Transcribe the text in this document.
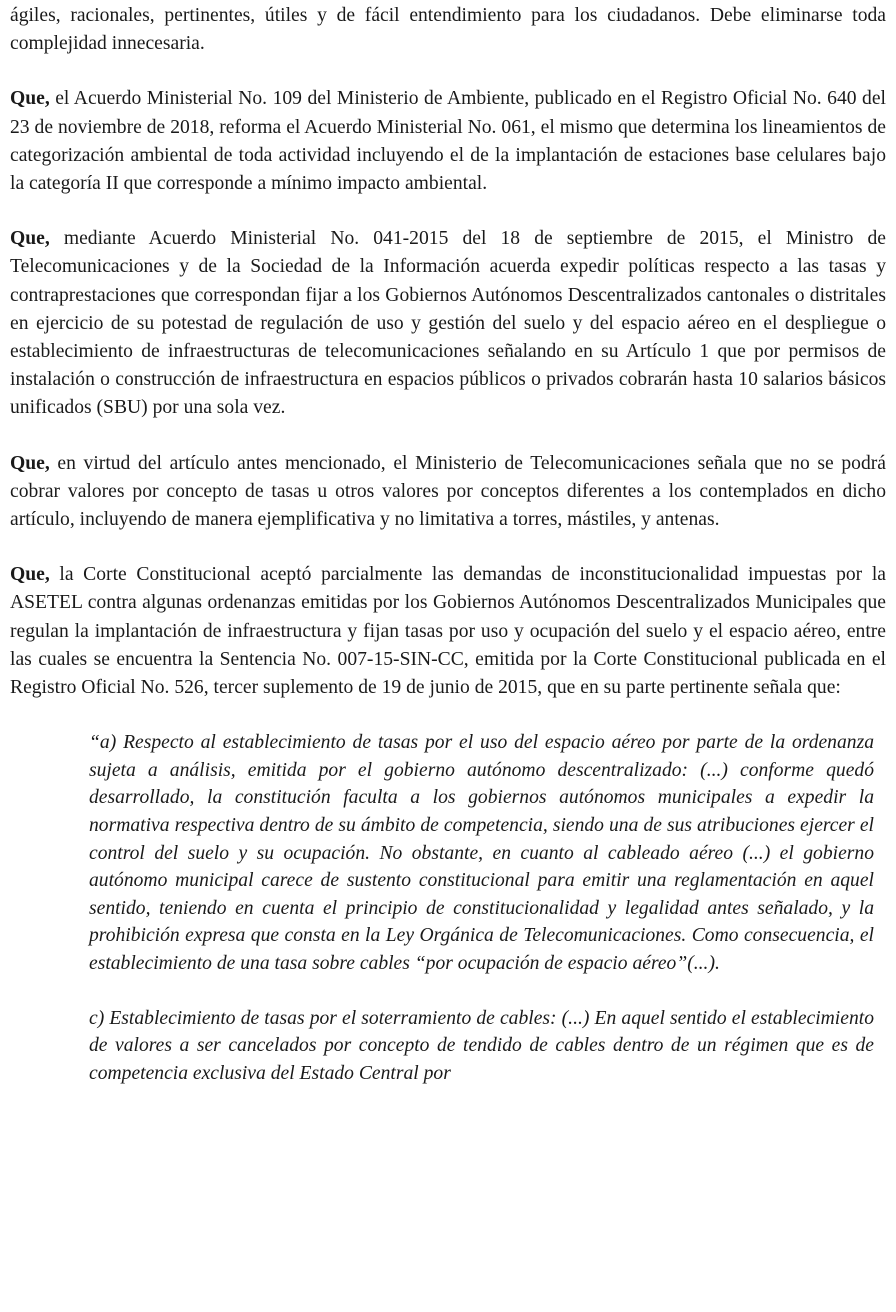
ágiles, racionales, pertinentes, útiles y de fácil entendimiento para los ciudadanos. Debe eliminarse toda complejidad innecesaria.

Que, el Acuerdo Ministerial No. 109 del Ministerio de Ambiente, publicado en el Registro Oficial No. 640 del 23 de noviembre de 2018, reforma el Acuerdo Ministerial No. 061, el mismo que determina los lineamientos de categorización ambiental de toda actividad incluyendo el de la implantación de estaciones base celulares bajo la categoría II que corresponde a mínimo impacto ambiental.

Que, mediante Acuerdo Ministerial No. 041-2015 del 18 de septiembre de 2015, el Ministro de Telecomunicaciones y de la Sociedad de la Información acuerda expedir políticas respecto a las tasas y contraprestaciones que correspondan fijar a los Gobiernos Autónomos Descentralizados cantonales o distritales en ejercicio de su potestad de regulación de uso y gestión del suelo y del espacio aéreo en el despliegue o establecimiento de infraestructuras de telecomunicaciones señalando en su Artículo 1 que por permisos de instalación o construcción de infraestructura en espacios públicos o privados cobrarán hasta 10 salarios básicos unificados (SBU) por una sola vez.

Que, en virtud del artículo antes mencionado, el Ministerio de Telecomunicaciones señala que no se podrá cobrar valores por concepto de tasas u otros valores por conceptos diferentes a los contemplados en dicho artículo, incluyendo de manera ejemplificativa y no limitativa a torres, mástiles, y antenas.

Que, la Corte Constitucional aceptó parcialmente las demandas de inconstitucionalidad impuestas por la ASETEL contra algunas ordenanzas emitidas por los Gobiernos Autónomos Descentralizados Municipales que regulan la implantación de infraestructura y fijan tasas por uso y ocupación del suelo y el espacio aéreo, entre las cuales se encuentra la Sentencia No. 007-15-SIN-CC, emitida por la Corte Constitucional publicada en el Registro Oficial No. 526, tercer suplemento de 19 de junio de 2015, que en su parte pertinente señala que:

“a) Respecto al establecimiento de tasas por el uso del espacio aéreo por parte de la ordenanza sujeta a análisis, emitida por el gobierno autónomo descentralizado: (...) conforme quedó desarrollado, la constitución faculta a los gobiernos autónomos municipales a expedir la normativa respectiva dentro de su ámbito de competencia, siendo una de sus atribuciones ejercer el control del suelo y su ocupación. No obstante, en cuanto al cableado aéreo (...) el gobierno autónomo municipal carece de sustento constitucional para emitir una reglamentación en aquel sentido, teniendo en cuenta el principio de constitucionalidad y legalidad antes señalado, y la prohibición expresa que consta en la Ley Orgánica de Telecomunicaciones. Como consecuencia, el establecimiento de una tasa sobre cables “por ocupación de espacio aéreo”(...).

c) Establecimiento de tasas por el soterramiento de cables: (...) En aquel sentido el establecimiento de valores a ser cancelados por concepto de tendido de cables dentro de un régimen que es de competencia exclusiva del Estado Central por
